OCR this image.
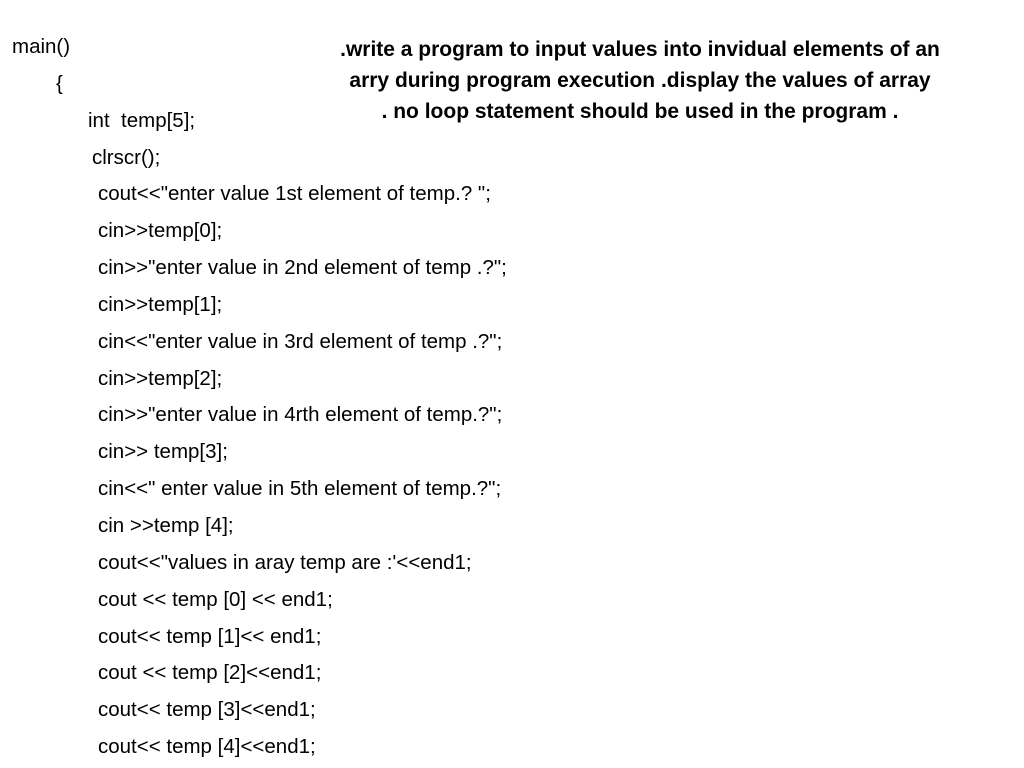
.write a program to input values into invidual elements of an
arry during program execution .display the values of array
. no loop statement should be used in the program .
main()
{
int  temp[5];
clrscr();
cout<<"enter value 1st element of temp.? ";
cin>>temp[0];
cin>>"enter value in 2nd element of temp .?";
cin>>temp[1];
cin<<"enter value in 3rd element of temp .?";
cin>>temp[2];
cin>>"enter value in 4rth element of temp.?";
cin>> temp[3];
cin<<" enter value in 5th element of temp.?";
cin >>temp [4];
cout<<"values in aray temp are :'<<end1;
cout << temp [0] << end1;
cout<< temp [1]<< end1;
cout << temp [2]<<end1;
cout<< temp [3]<<end1;
cout<< temp [4]<<end1;
